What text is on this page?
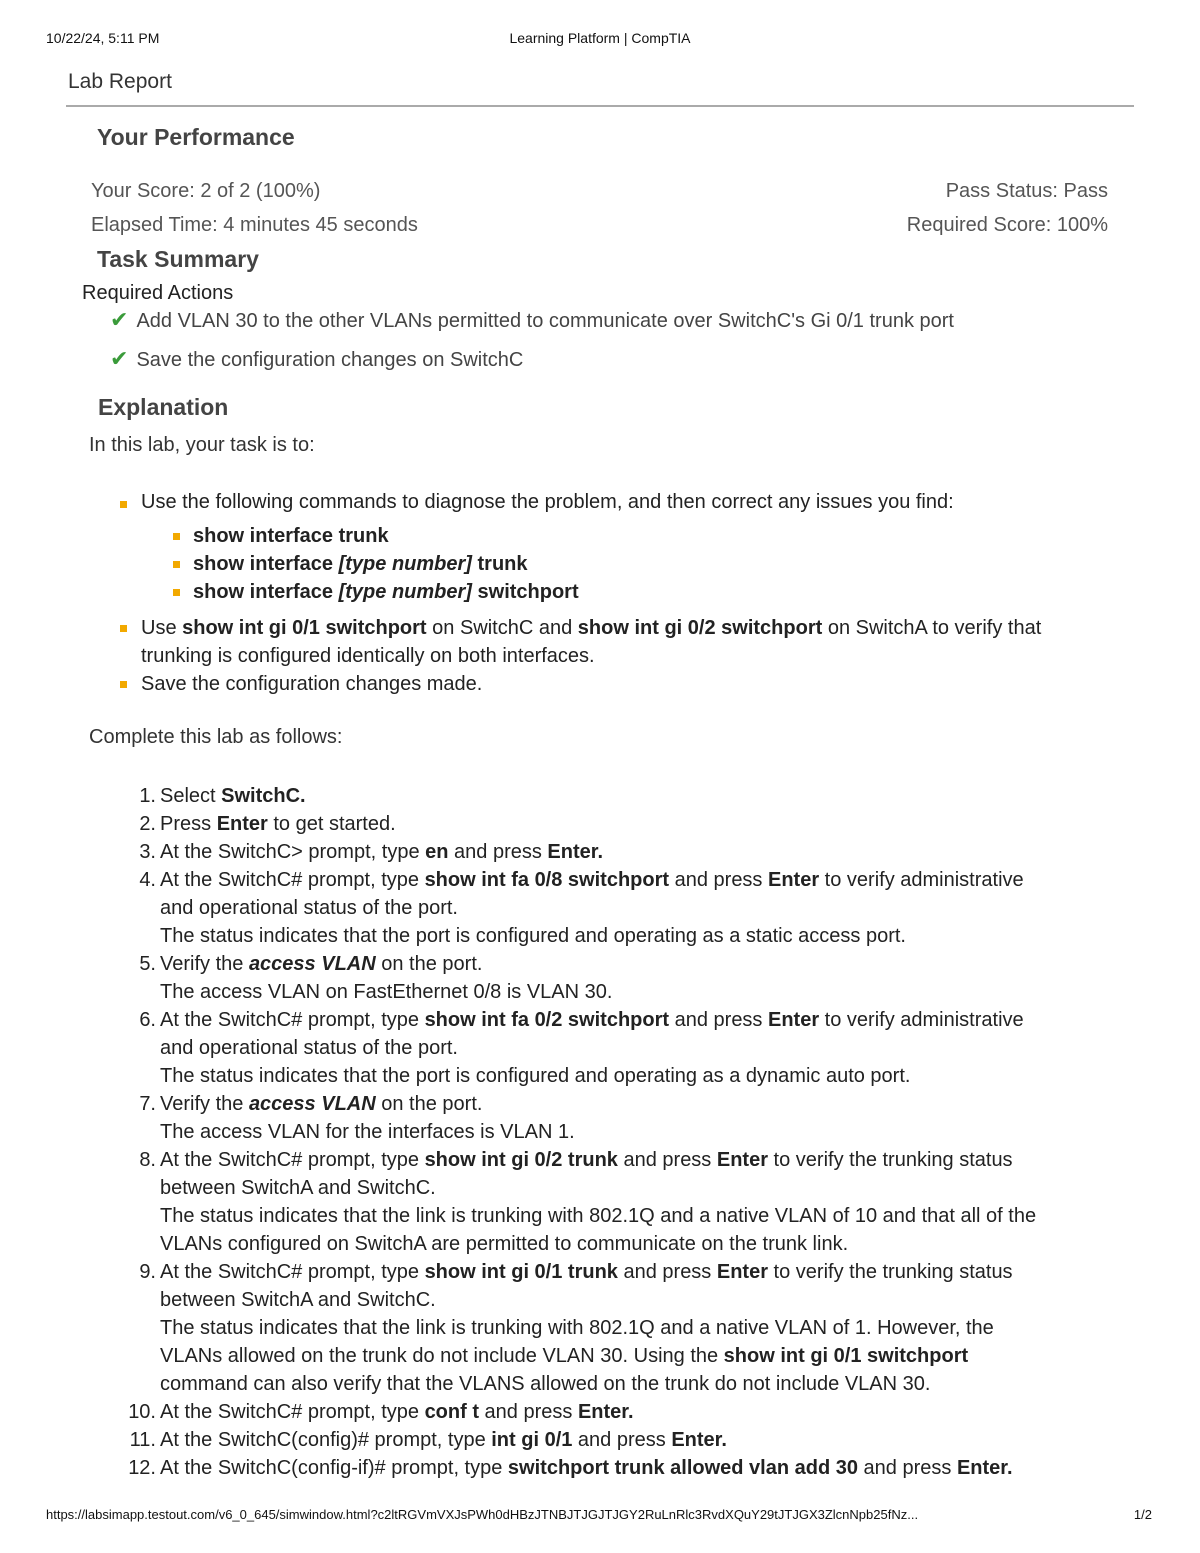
10/22/24, 5:11 PM	Learning Platform | CompTIA
Lab Report
Your Performance
Your Score: 2 of 2 (100%)	Pass Status: Pass
Elapsed Time: 4 minutes 45 seconds	Required Score: 100%
Task Summary
Required Actions
✔ Add VLAN 30 to the other VLANs permitted to communicate over SwitchC's Gi 0/1 trunk port
✔ Save the configuration changes on SwitchC
Explanation
In this lab, your task is to:
Use the following commands to diagnose the problem, and then correct any issues you find:
show interface trunk
show interface [type number] trunk
show interface [type number] switchport
Use show int gi 0/1 switchport on SwitchC and show int gi 0/2 switchport on SwitchA to verify that
trunking is configured identically on both interfaces.
Save the configuration changes made.
Complete this lab as follows:
1. Select SwitchC.
2. Press Enter to get started.
3. At the SwitchC> prompt, type en and press Enter.
4. At the SwitchC# prompt, type show int fa 0/8 switchport and press Enter to verify administrative
and operational status of the port.
The status indicates that the port is configured and operating as a static access port.
5. Verify the access VLAN on the port.
The access VLAN on FastEthernet 0/8 is VLAN 30.
6. At the SwitchC# prompt, type show int fa 0/2 switchport and press Enter to verify administrative
and operational status of the port.
The status indicates that the port is configured and operating as a dynamic auto port.
7. Verify the access VLAN on the port.
The access VLAN for the interfaces is VLAN 1.
8. At the SwitchC# prompt, type show int gi 0/2 trunk and press Enter to verify the trunking status
between SwitchA and SwitchC.
The status indicates that the link is trunking with 802.1Q and a native VLAN of 10 and that all of the
VLANs configured on SwitchA are permitted to communicate on the trunk link.
9. At the SwitchC# prompt, type show int gi 0/1 trunk and press Enter to verify the trunking status
between SwitchA and SwitchC.
The status indicates that the link is trunking with 802.1Q and a native VLAN of 1. However, the
VLANs allowed on the trunk do not include VLAN 30. Using the show int gi 0/1 switchport
command can also verify that the VLANS allowed on the trunk do not include VLAN 30.
10. At the SwitchC# prompt, type conf t and press Enter.
11. At the SwitchC(config)# prompt, type int gi 0/1 and press Enter.
12. At the SwitchC(config-if)# prompt, type switchport trunk allowed vlan add 30 and press Enter.
https://labsimapp.testout.com/v6_0_645/simwindow.html?c2ltRGVmVXJsPWh0dHBzJTNBJTJGJTJGY2RuLnRlc3RvdXQuY29tJTJGX3ZlcnNpb25fNz...	1/2
